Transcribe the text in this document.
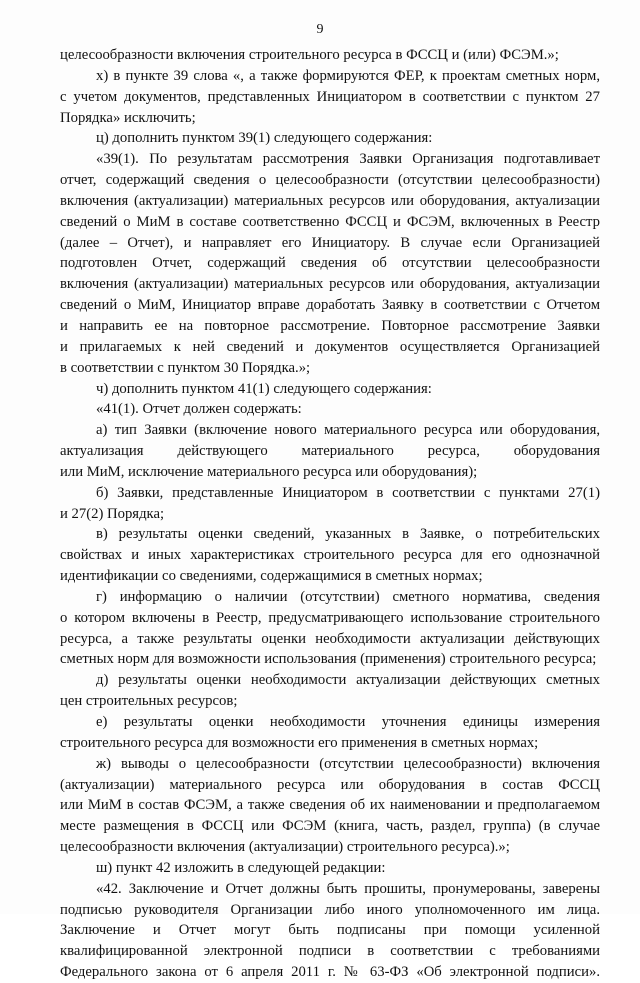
9
целесообразности включения строительного ресурса в ФССЦ и (или) ФСЭМ.»;
х) в пункте 39 слова «, а также формируются ФЕР, к проектам сметных норм,
с учетом документов, представленных Инициатором в соответствии с пунктом 27
Порядка» исключить;
ц) дополнить пунктом 39(1) следующего содержания:
«39(1). По результатам рассмотрения Заявки Организация подготавливает
отчет, содержащий сведения о целесообразности (отсутствии целесообразности)
включения (актуализации) материальных ресурсов или оборудования, актуализации
сведений о МиМ в составе соответственно ФССЦ и ФСЭМ, включенных в Реестр
(далее – Отчет), и направляет его Инициатору. В случае если Организацией
подготовлен Отчет, содержащий сведения об отсутствии целесообразности
включения (актуализации) материальных ресурсов или оборудования, актуализации
сведений о МиМ, Инициатор вправе доработать Заявку в соответствии с Отчетом
и направить ее на повторное рассмотрение. Повторное рассмотрение Заявки
и прилагаемых к ней сведений и документов осуществляется Организацией
в соответствии с пунктом 30 Порядка.»;
ч) дополнить пунктом 41(1) следующего содержания:
«41(1). Отчет должен содержать:
а) тип Заявки (включение нового материального ресурса или оборудования,
актуализация действующего материального ресурса, оборудования
или МиМ, исключение материального ресурса или оборудования);
б) Заявки, представленные Инициатором в соответствии с пунктами 27(1)
и 27(2) Порядка;
в) результаты оценки сведений, указанных в Заявке, о потребительских
свойствах и иных характеристиках строительного ресурса для его однозначной
идентификации со сведениями, содержащимися в сметных нормах;
г) информацию о наличии (отсутствии) сметного норматива, сведения
о котором включены в Реестр, предусматривающего использование строительного
ресурса, а также результаты оценки необходимости актуализации действующих
сметных норм для возможности использования (применения) строительного ресурса;
д) результаты оценки необходимости актуализации действующих сметных
цен строительных ресурсов;
е) результаты оценки необходимости уточнения единицы измерения
строительного ресурса для возможности его применения в сметных нормах;
ж) выводы о целесообразности (отсутствии целесообразности) включения
(актуализации) материального ресурса или оборудования в состав ФССЦ
или МиМ в состав ФСЭМ, а также сведения об их наименовании и предполагаемом
месте размещения в ФССЦ или ФСЭМ (книга, часть, раздел, группа) (в случае
целесообразности включения (актуализации) строительного ресурса).»;
ш) пункт 42 изложить в следующей редакции:
«42. Заключение и Отчет должны быть прошиты, пронумерованы, заверены
подписью руководителя Организации либо иного уполномоченного им лица.
Заключение и Отчет могут быть подписаны при помощи усиленной
квалифицированной электронной подписи в соответствии с требованиями
Федерального закона от 6 апреля 2011 г. № 63-ФЗ «Об электронной подписи».
